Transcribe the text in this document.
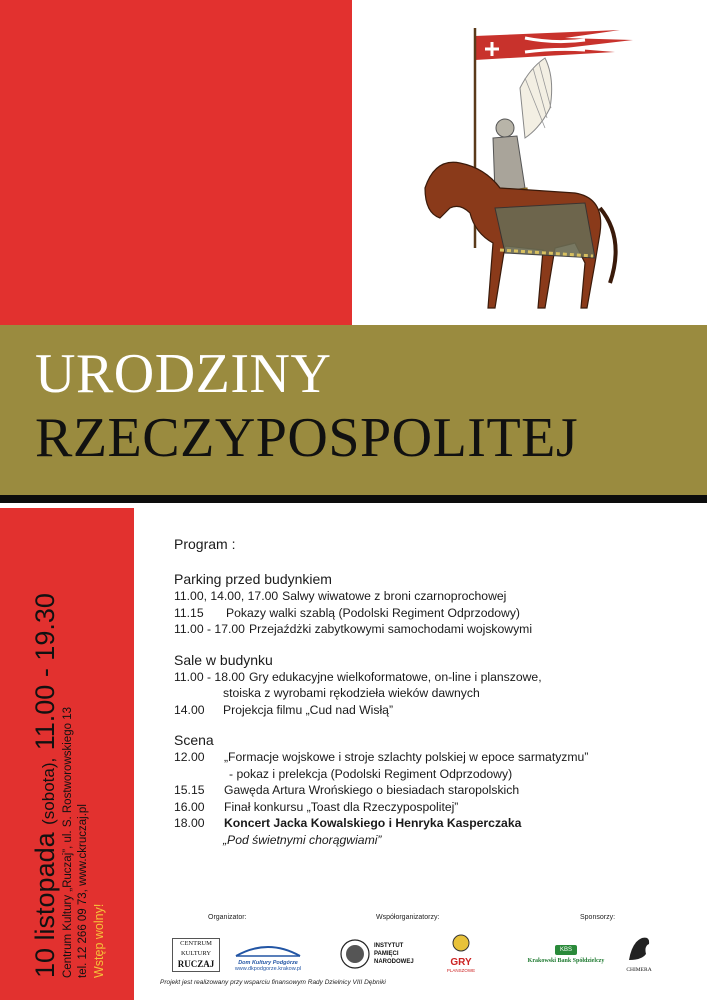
URODZINY
RZECZYPOSPOLITEJ
10 listopada (sobota), 11.00 - 19.30
Centrum Kultury „Ruczaj”, ul. S. Rostworowskiego 13 tel. 12 266 09 73, www.ckruczaj.pl Wstęp wolny!
Program :
Parking przed budynkiem
11.00, 14.00, 17.00 Salwy wiwatowe z broni czarnoprochowej
11.15	Pokazy walki szablą (Podolski Regiment Odprzodowy)
11.00 - 17.00 Przejaźdżki zabytkowymi samochodami wojskowymi
Sale w budynku
11.00 - 18.00 Gry edukacyjne wielkoformatowe, on-line i planszowe,
stoiska z wyrobami rękodzieła wieków dawnych
14.00	Projekcja filmu „Cud nad Wisłą”
Scena
12.00	„Formacje wojskowe i stroje szlachty polskiej w epoce sarmatyzmu”
- pokaz i prelekcja (Podolski Regiment Odprzodowy)
15.15	Gawęda Artura Wrońskiego o biesiadach staropolskich
16.00	Finał konkursu „Toast dla Rzeczypospolitej”
18.00	Koncert Jacka Kowalskiego i Henryka Kasperczaka
„Pod świetnymi chorągwiami”
Organizator:	Współorganizatorzy:	Sponsorzy:
CENTRUM
KULTURY
RUCZAJ	Dom Kultury Podgórze
www.dkpodgorze.krakow.pl
INSTYTUT
PAMIĘCI
NARODOWEJ	GRY
PLANSZOWE
KBS
Krakowski Bank Spółdzielczy
CHIMERA
Projekt jest realizowany przy wsparciu finansowym Rady Dzielnicy VIII Dębniki
